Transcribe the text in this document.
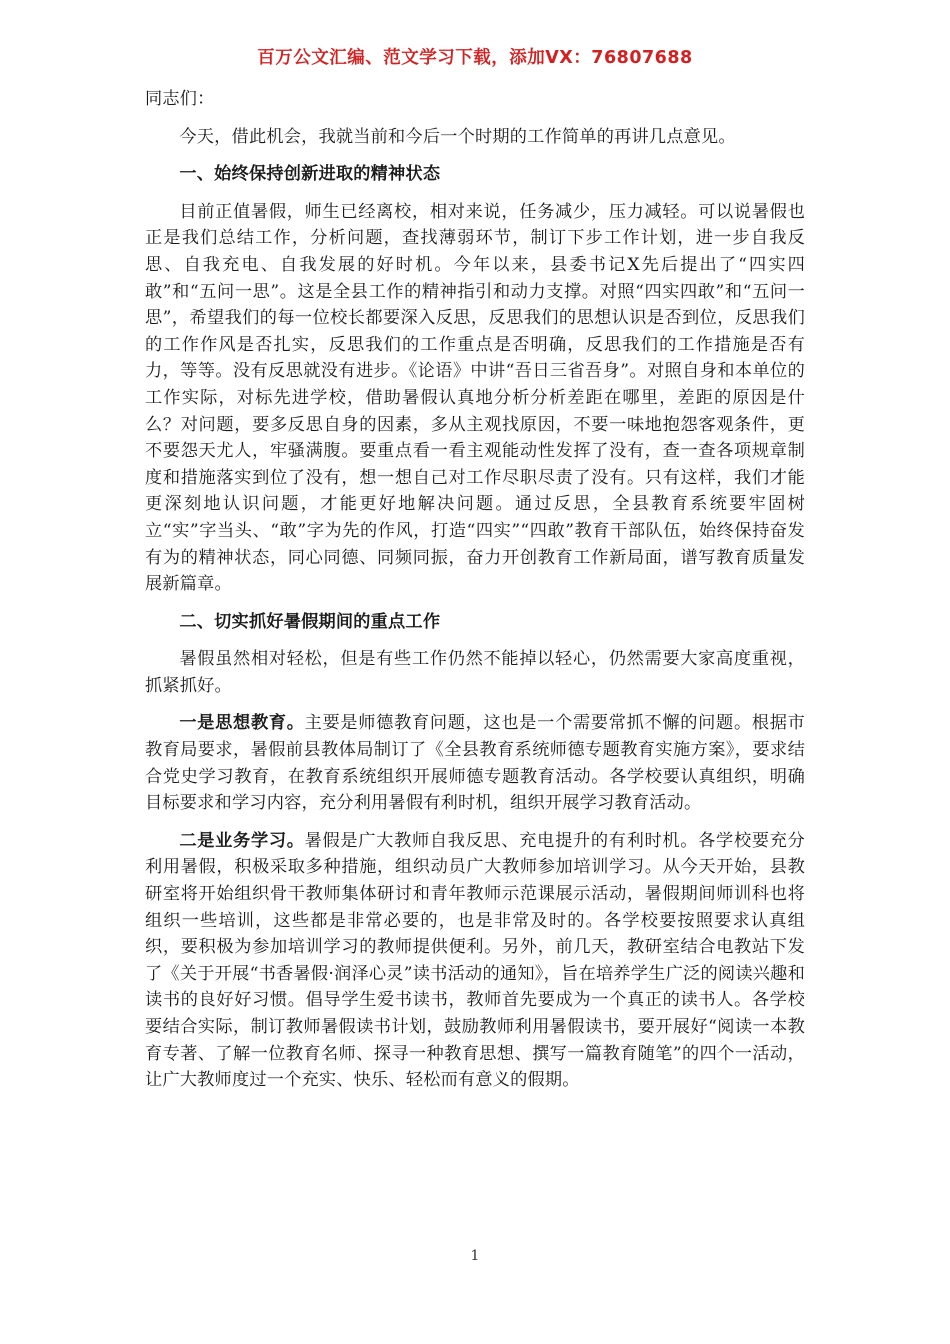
百万公文汇编、范文学习下载，添加VX：76807688

同志们：

今天，借此机会，我就当前和今后一个时期的工作简单的再讲几点意见。

一、始终保持创新进取的精神状态

目前正值暑假，师生已经离校，相对来说，任务减少，压力减轻。可以说暑假也正是我们总结工作，分析问题，查找薄弱环节，制订下步工作计划，进一步自我反思、自我充电、自我发展的好时机。今年以来，县委书记X先后提出了“四实四敢”和“五问一思”。这是全县工作的精神指引和动力支撑。对照“四实四敢”和“五问一思”，希望我们的每一位校长都要深入反思，反思我们的思想认识是否到位，反思我们的工作作风是否扎实，反思我们的工作重点是否明确，反思我们的工作措施是否有力，等等。没有反思就没有进步。《论语》中讲“吾日三省吾身”。对照自身和本单位的工作实际，对标先进学校，借助暑假认真地分析分析差距在哪里，差距的原因是什么？对问题，要多反思自身的因素，多从主观找原因，不要一味地抱怨客观条件，更不要怨天尤人，牢骚满腹。要重点看一看主观能动性发挥了没有，查一查各项规章制度和措施落实到位了没有，想一想自己对工作尽职尽责了没有。只有这样，我们才能更深刻地认识问题，才能更好地解决问题。通过反思，全县教育系统要牢固树立“实”字当头、“敢”字为先的作风，打造“四实”“四敢”教育干部队伍，始终保持奋发有为的精神状态，同心同德、同频同振，奋力开创教育工作新局面，谱写教育质量发展新篇章。

二、切实抓好暑假期间的重点工作

暑假虽然相对轻松，但是有些工作仍然不能掉以轻心，仍然需要大家高度重视，抓紧抓好。

一是思想教育。主要是师德教育问题，这也是一个需要常抓不懈的问题。根据市教育局要求，暑假前县教体局制订了《全县教育系统师德专题教育实施方案》，要求结合党史学习教育，在教育系统组织开展师德专题教育活动。各学校要认真组织，明确目标要求和学习内容，充分利用暑假有利时机，组织开展学习教育活动。

二是业务学习。暑假是广大教师自我反思、充电提升的有利时机。各学校要充分利用暑假，积极采取多种措施，组织动员广大教师参加培训学习。从今天开始，县教研室将开始组织骨干教师集体研讨和青年教师示范课展示活动，暑假期间师训科也将组织一些培训，这些都是非常必要的，也是非常及时的。各学校要按照要求认真组织，要积极为参加培训学习的教师提供便利。另外，前几天，教研室结合电教站下发了《关于开展“书香暑假·润泽心灵”读书活动的通知》，旨在培养学生广泛的阅读兴趣和读书的良好好习惯。倡导学生爱书读书，教师首先要成为一个真正的读书人。各学校要结合实际，制订教师暑假读书计划，鼓励教师利用暑假读书，要开展好“阅读一本教育专著、了解一位教育名师、探寻一种教育思想、撰写一篇教育随笔”的四个一活动，让广大教师度过一个充实、快乐、轻松而有意义的假期。

1
